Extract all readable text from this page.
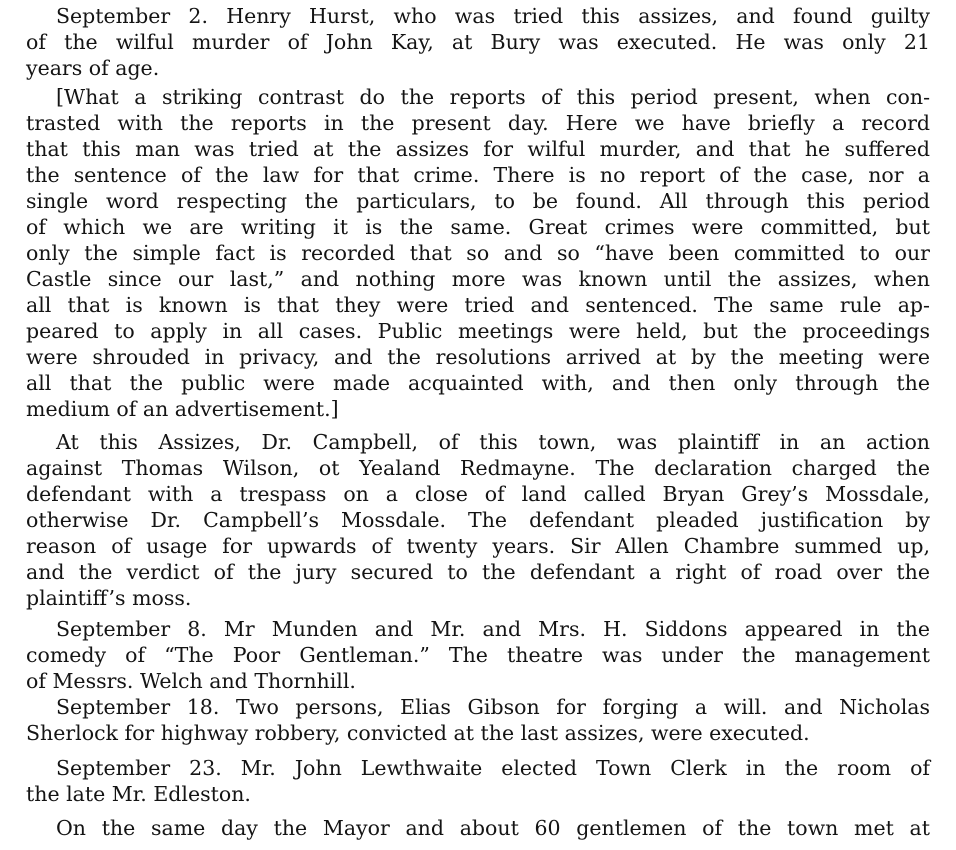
September 2. Henry Hurst, who was tried this assizes, and found guilty
of the wilful murder of John Kay, at Bury was executed. He was only 21
years of age.
[What a striking contrast do the reports of this period present, when con-
trasted with the reports in the present day. Here we have briefly a record
that this man was tried at the assizes for wilful murder, and that he suffered
the sentence of the law for that crime. There is no report of the case, nor a
single word respecting the particulars, to be found. All through this period
of which we are writing it is the same. Great crimes were committed, but
only the simple fact is recorded that so and so “have been committed to our
Castle since our last,” and nothing more was known until the assizes, when
all that is known is that they were tried and sentenced. The same rule ap-
peared to apply in all cases. Public meetings were held, but the proceedings
were shrouded in privacy, and the resolutions arrived at by the meeting were
all that the public were made acquainted with, and then only through the
medium of an advertisement.]
At this Assizes, Dr. Campbell, of this town, was plaintiff in an action
against Thomas Wilson, ot Yealand Redmayne. The declaration charged the
defendant with a trespass on a close of land called Bryan Grey’s Mossdale,
otherwise Dr. Campbell’s Mossdale. The defendant pleaded justification by
reason of usage for upwards of twenty years. Sir Allen Chambre summed up,
and the verdict of the jury secured to the defendant a right of road over the
plaintiff’s moss.
September 8. Mr Munden and Mr. and Mrs. H. Siddons appeared in the
comedy of “The Poor Gentleman.” The theatre was under the management
of Messrs. Welch and Thornhill.
September 18. Two persons, Elias Gibson for forging a will. and Nicholas
Sherlock for highway robbery, convicted at the last assizes, were executed.
September 23. Mr. John Lewthwaite elected Town Clerk in the room of
the late Mr. Edleston.
On the same day the Mayor and about 60 gentlemen of the town met at
